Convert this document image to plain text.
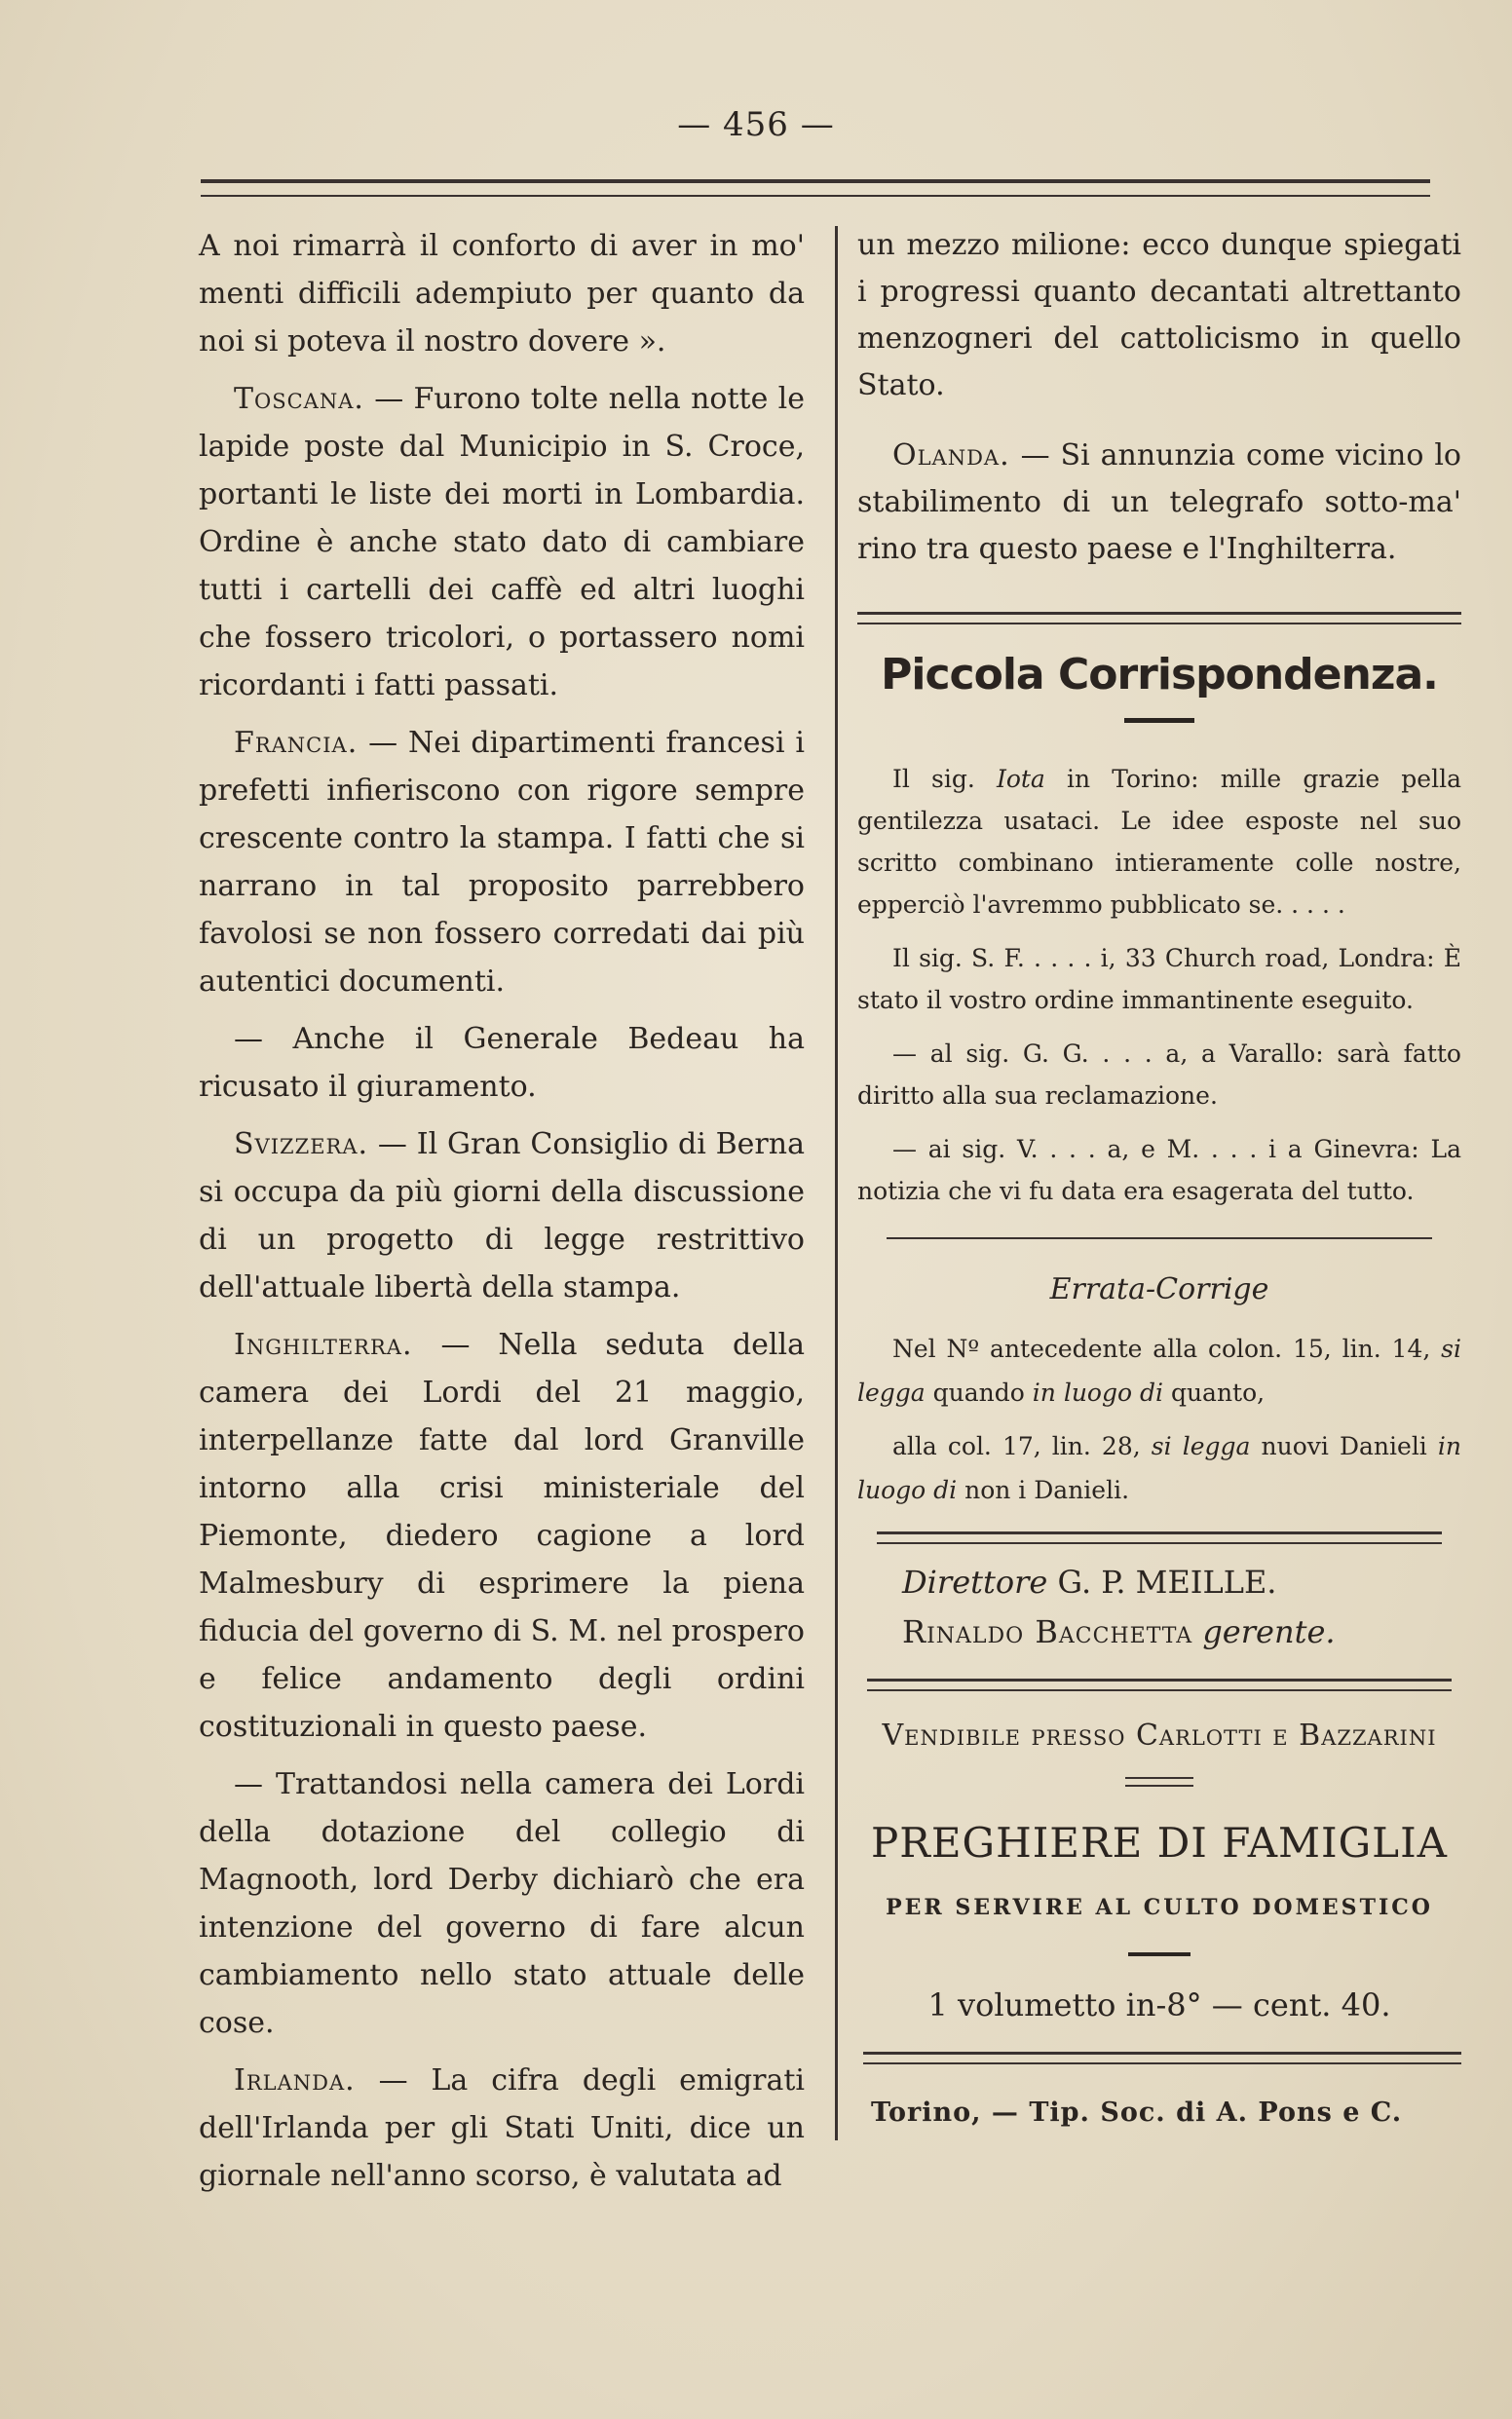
— 456 —

A noi rimarrà il conforto di aver in mo' menti difficili adempiuto per quanto da noi si poteva il nostro dovere ».

Toscana. — Furono tolte nella notte le lapide poste dal Municipio in S. Croce, portanti le liste dei morti in Lombardia. Ordine è anche stato dato di cambiare tutti i cartelli dei caffè ed altri luoghi che fossero tricolori, o portassero nomi ricordanti i fatti passati.

Francia. — Nei dipartimenti francesi i prefetti infieriscono con rigore sempre crescente contro la stampa. I fatti che si narrano in tal proposito parrebbero favolosi se non fossero corredati dai più autentici documenti.

— Anche il Generale Bedeau ha ricusato il giuramento.

Svizzera. — Il Gran Consiglio di Berna si occupa da più giorni della discussione di un progetto di legge restrittivo dell'attuale libertà della stampa.

Inghilterra. — Nella seduta della camera dei Lordi del 21 maggio, interpellanze fatte dal lord Granville intorno alla crisi ministeriale del Piemonte, diedero cagione a lord Malmesbury di esprimere la piena fiducia del governo di S. M. nel prospero e felice andamento degli ordini costituzionali in questo paese.

— Trattandosi nella camera dei Lordi della dotazione del collegio di Magnooth, lord Derby dichiarò che era intenzione del governo di fare alcun cambiamento nello stato attuale delle cose.

Irlanda. — La cifra degli emigrati dell'Irlanda per gli Stati Uniti, dice un giornale nell'anno scorso, è valutata ad

un mezzo milione: ecco dunque spiegati i progressi quanto decantati altrettanto menzogneri del cattolicismo in quello Stato.

Olanda. — Si annunzia come vicino lo stabilimento di un telegrafo sotto-ma' rino tra questo paese e l'Inghilterra.

Piccola Corrispondenza.

Il sig. Iota in Torino: mille grazie pella gentilezza usataci. Le idee esposte nel suo scritto combinano intieramente colle nostre, epperciò l'avremmo pubblicato se. . . . .

Il sig. S. F. . . . . i, 33 Church road, Londra: È stato il vostro ordine immantinente eseguito.

— al sig. G. G. . . . a, a Varallo: sarà fatto diritto alla sua reclamazione.

— ai sig. V. . . . a, e M. . . . i a Ginevra: La notizia che vi fu data era esagerata del tutto.

Errata-Corrige

Nel Nº antecedente alla colon. 15, lin. 14, si legga quando in luogo di quanto,

alla col. 17, lin. 28, si legga nuovi Danieli in luogo di non i Danieli.

Direttore G. P. MEILLE.

Rinaldo Bacchetta gerente.

Vendibile presso Carlotti e Bazzarini
PREGHIERE DI FAMIGLIA
PER SERVIRE AL CULTO DOMESTICO
1 volumetto in-8° — cent. 40.
Torino, — Tip. Soc. di A. Pons e C.
